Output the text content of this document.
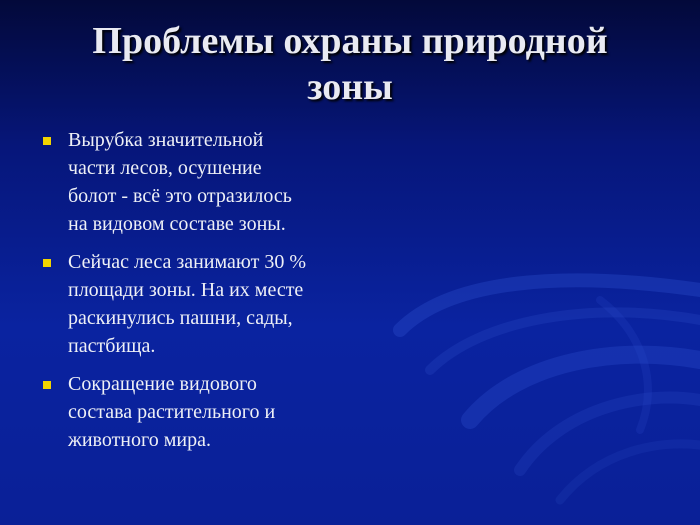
Проблемы охраны природной
зоны
Вырубка значительной
части лесов, осушение
болот - всё это отразилось
на видовом составе зоны.
Сейчас леса занимают 30 %
площади зоны. На их месте
раскинулись пашни, сады,
пастбища.
Сокращение видового
состава растительного и
животного мира.
